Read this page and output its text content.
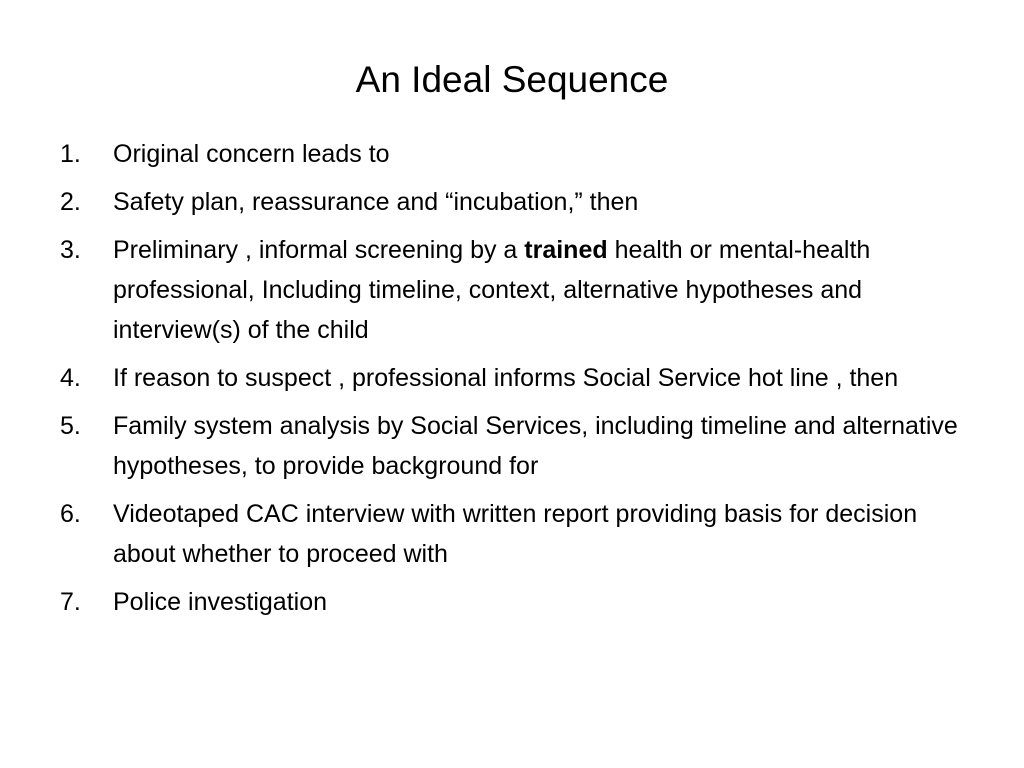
An Ideal Sequence
1.	Original concern leads to
2.	Safety plan, reassurance and “incubation,” then
3.	Preliminary , informal screening by a trained health or mental-health professional, Including timeline, context, alternative hypotheses and interview(s) of the child
4.	If reason to suspect , professional informs Social Service hot line , then
5.	Family system analysis by Social Services, including timeline and alternative hypotheses, to provide background for
6.	Videotaped CAC interview with written report providing basis for decision about whether to proceed with
7.	Police investigation
